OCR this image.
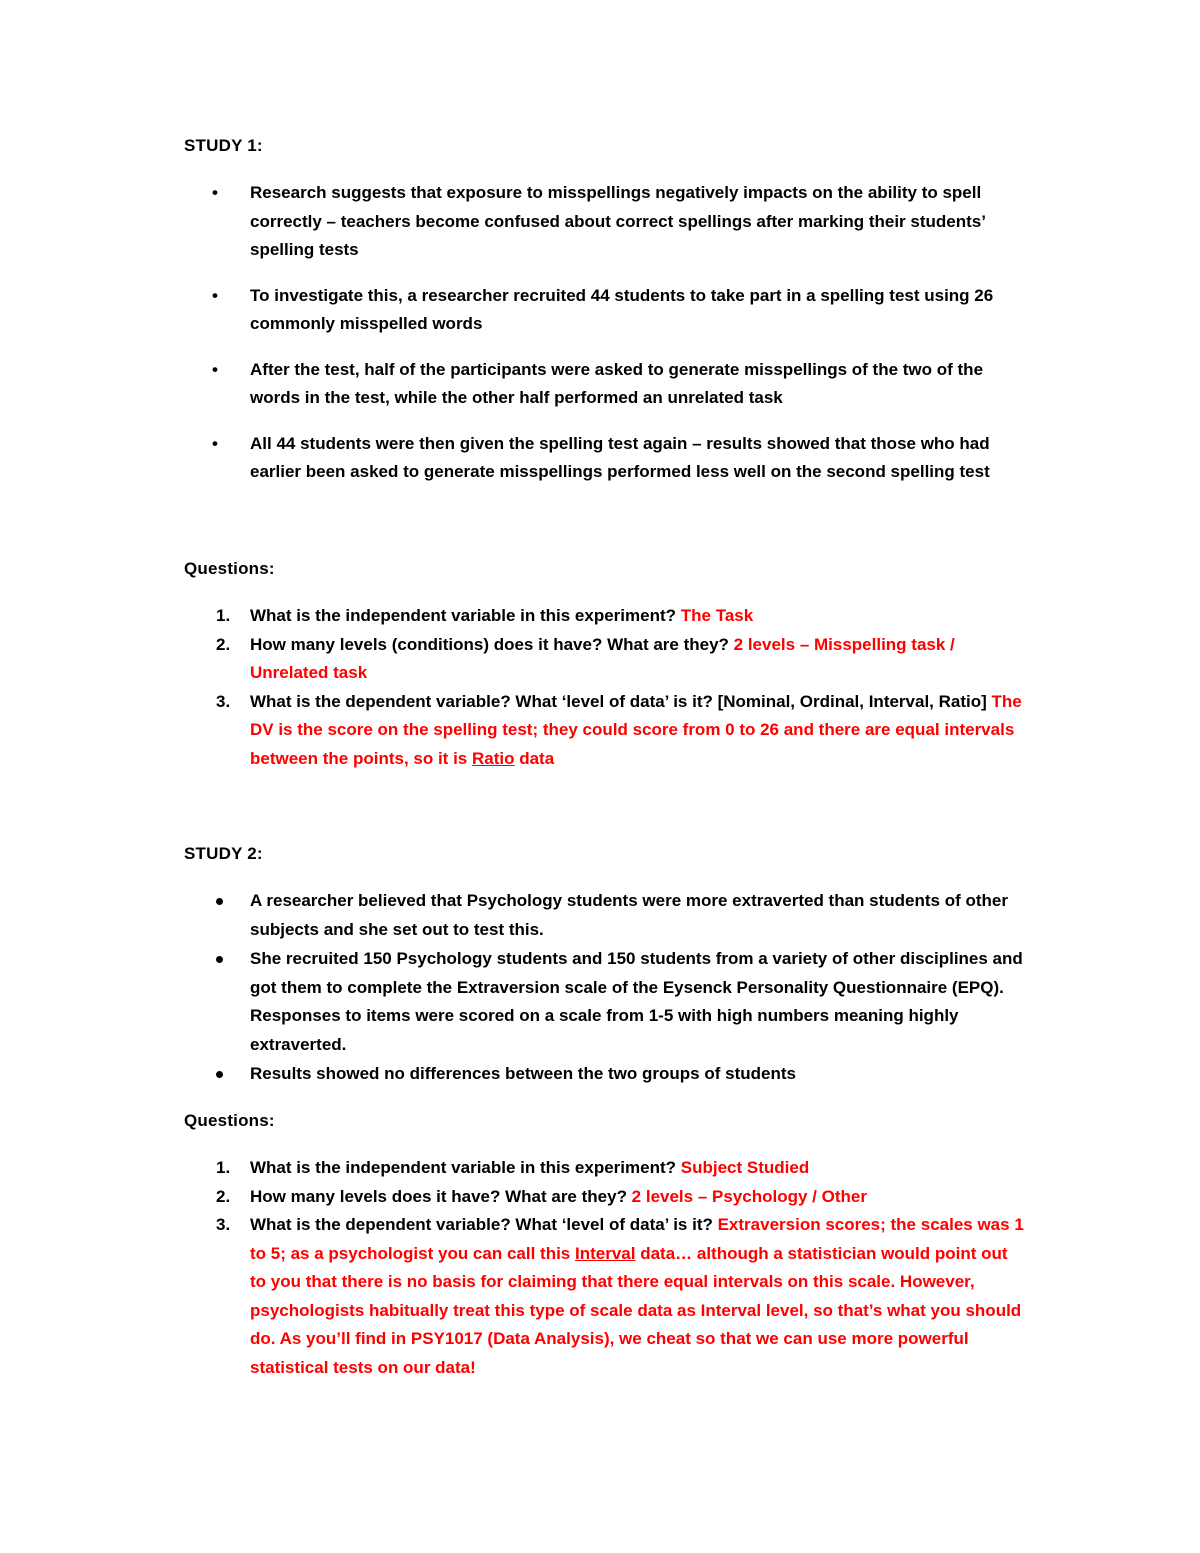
STUDY 1:
• Research suggests that exposure to misspellings negatively impacts on the ability to spell correctly – teachers become confused about correct spellings after marking their students’ spelling tests
• To investigate this, a researcher recruited 44 students to take part in a spelling test using 26 commonly misspelled words
• After the test, half of the participants were asked to generate misspellings of the two of the words in the test, while the other half performed an unrelated task
• All 44 students were then given the spelling test again – results showed that those who had earlier been asked to generate misspellings performed less well on the second spelling test
Questions:
1. What is the independent variable in this experiment? The Task
2. How many levels (conditions) does it have? What are they? 2 levels – Misspelling task / Unrelated task
3. What is the dependent variable? What ‘level of data’ is it? [Nominal, Ordinal, Interval, Ratio] The DV is the score on the spelling test; they could score from 0 to 26 and there are equal intervals between the points, so it is Ratio data
STUDY 2:
A researcher believed that Psychology students were more extraverted than students of other subjects and she set out to test this.
She recruited 150 Psychology students and 150 students from a variety of other disciplines and got them to complete the Extraversion scale of the Eysenck Personality Questionnaire (EPQ). Responses to items were scored on a scale from 1-5 with high numbers meaning highly extraverted.
Results showed no differences between the two groups of students
Questions:
1. What is the independent variable in this experiment? Subject Studied
2. How many levels does it have? What are they? 2 levels – Psychology / Other
3. What is the dependent variable? What ‘level of data’ is it? Extraversion scores; the scales was 1 to 5; as a psychologist you can call this Interval data… although a statistician would point out to you that there is no basis for claiming that there equal intervals on this scale. However, psychologists habitually treat this type of scale data as Interval level, so that’s what you should do. As you’ll find in PSY1017 (Data Analysis), we cheat so that we can use more powerful statistical tests on our data!
